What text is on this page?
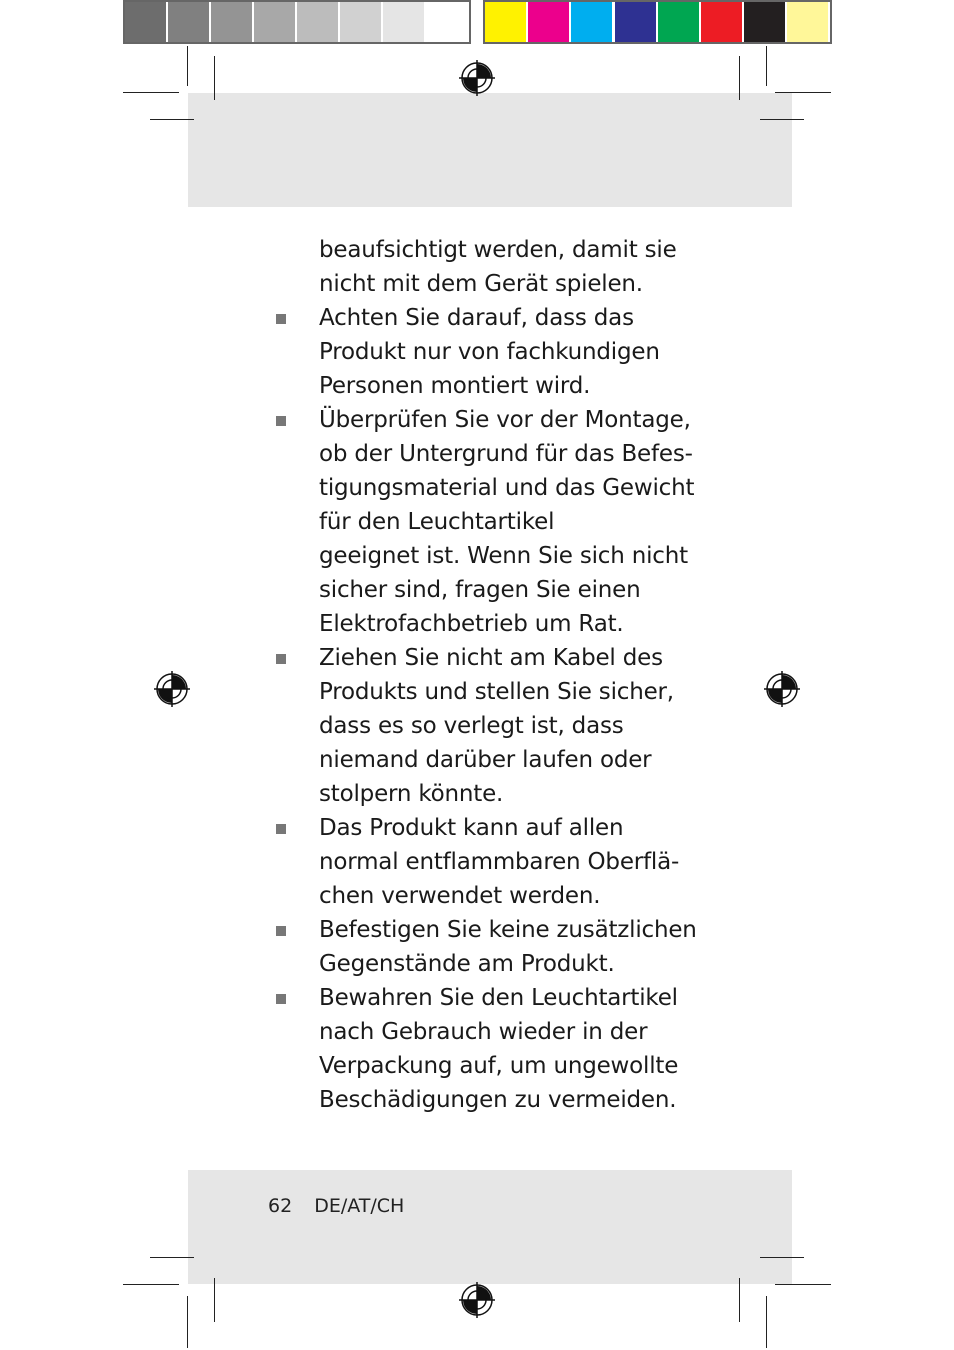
beaufsichtigt werden, damit sie
nicht mit dem Gerät spielen.
Achten Sie darauf, dass das
Produkt nur von fachkundigen
Personen montiert wird.
Überprüfen Sie vor der Montage,
ob der Untergrund für das Befes-
tigungsmaterial und das Gewicht
für den Leuchtartikel
geeignet ist. Wenn Sie sich nicht
sicher sind, fragen Sie einen
Elektrofachbetrieb um Rat.
Ziehen Sie nicht am Kabel des
Produkts und stellen Sie sicher,
dass es so verlegt ist, dass
niemand darüber laufen oder
stolpern könnte.
Das Produkt kann auf allen
normal entflammbaren Oberflä-
chen verwendet werden.
Befestigen Sie keine zusätzlichen
Gegenstände am Produkt.
Bewahren Sie den Leuchtartikel
nach Gebrauch wieder in der
Verpackung auf, um ungewollte
Beschädigungen zu vermeiden.
62 DE/AT/CH
